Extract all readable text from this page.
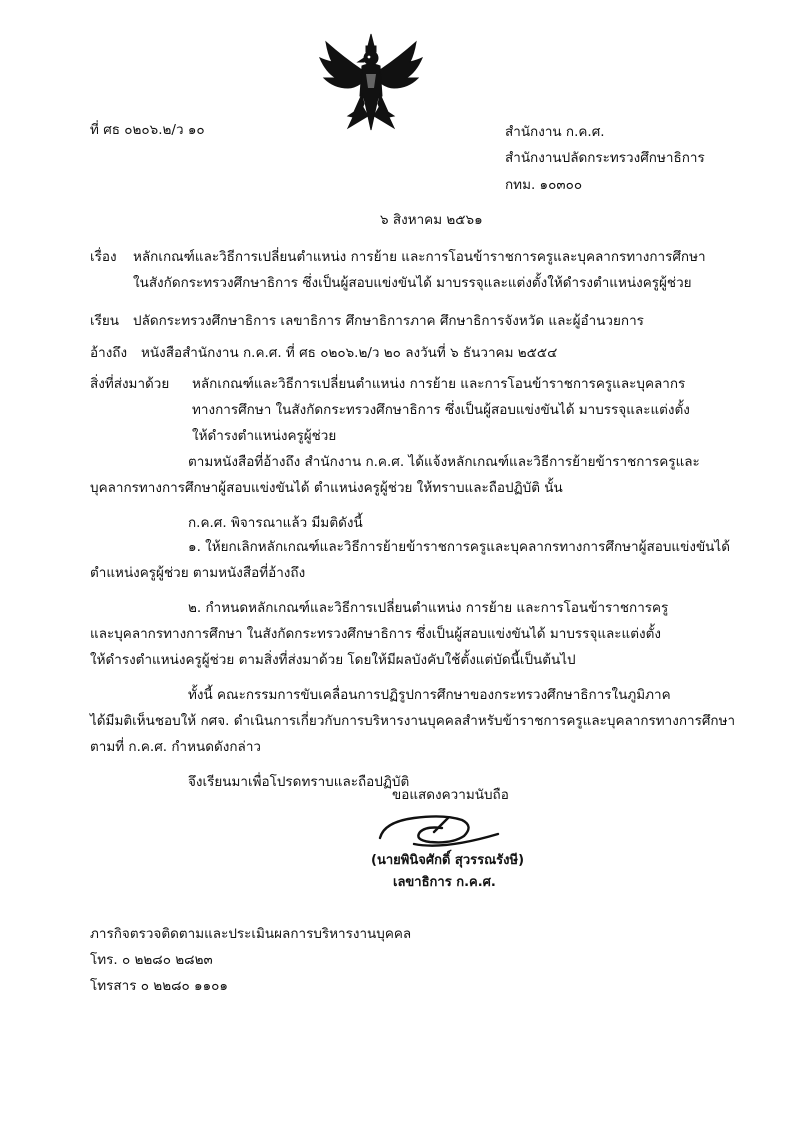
ที่ ศธ ๐๒๐๖.๒/ว ๑๐	สำนักงาน ก.ค.ศ.
สำนักงานปลัดกระทรวงศึกษาธิการ
กทม. ๑๐๓๐๐
๖ สิงหาคม ๒๕๖๑
เรื่อง หลักเกณฑ์และวิธีการเปลี่ยนตำแหน่ง การย้าย และการโอนข้าราชการครูและบุคลากรทางการศึกษา
ในสังกัดกระทรวงศึกษาธิการ ซึ่งเป็นผู้สอบแข่งขันได้ มาบรรจุและแต่งตั้งให้ดำรงตำแหน่งครูผู้ช่วย
เรียน ปลัดกระทรวงศึกษาธิการ เลขาธิการ ศึกษาธิการภาค ศึกษาธิการจังหวัด และผู้อำนวยการ
อ้างถึง หนังสือสำนักงาน ก.ค.ศ. ที่ ศธ ๐๒๐๖.๒/ว ๒๐ ลงวันที่ ๖ ธันวาคม ๒๕๕๔
สิ่งที่ส่งมาด้วย หลักเกณฑ์และวิธีการเปลี่ยนตำแหน่ง การย้าย และการโอนข้าราชการครูและบุคลากร
ทางการศึกษา ในสังกัดกระทรวงศึกษาธิการ ซึ่งเป็นผู้สอบแข่งขันได้ มาบรรจุและแต่งตั้ง
ให้ดำรงตำแหน่งครูผู้ช่วย
ตามหนังสือที่อ้างถึง สำนักงาน ก.ค.ศ. ได้แจ้งหลักเกณฑ์และวิธีการย้ายข้าราชการครูและ
บุคลากรทางการศึกษาผู้สอบแข่งขันได้ ตำแหน่งครูผู้ช่วย ให้ทราบและถือปฏิบัติ นั้น
ก.ค.ศ. พิจารณาแล้ว มีมติดังนี้
๑. ให้ยกเลิกหลักเกณฑ์และวิธีการย้ายข้าราชการครูและบุคลากรทางการศึกษาผู้สอบแข่งขันได้
ตำแหน่งครูผู้ช่วย ตามหนังสือที่อ้างถึง
๒. กำหนดหลักเกณฑ์และวิธีการเปลี่ยนตำแหน่ง การย้าย และการโอนข้าราชการครู
และบุคลากรทางการศึกษา ในสังกัดกระทรวงศึกษาธิการ ซึ่งเป็นผู้สอบแข่งขันได้ มาบรรจุและแต่งตั้ง
ให้ดำรงตำแหน่งครูผู้ช่วย ตามสิ่งที่ส่งมาด้วย โดยให้มีผลบังคับใช้ตั้งแต่บัดนี้เป็นต้นไป
ทั้งนี้ คณะกรรมการขับเคลื่อนการปฏิรูปการศึกษาของกระทรวงศึกษาธิการในภูมิภาค
ได้มีมติเห็นชอบให้ กศจ. ดำเนินการเกี่ยวกับการบริหารงานบุคคลสำหรับข้าราชการครูและบุคลากรทางการศึกษา
ตามที่ ก.ค.ศ. กำหนดดังกล่าว
จึงเรียนมาเพื่อโปรดทราบและถือปฏิบัติ
ขอแสดงความนับถือ
(นายพินิจศักดิ์ สุวรรณรังษี)
เลขาธิการ ก.ค.ศ.
ภารกิจตรวจติดตามและประเมินผลการบริหารงานบุคคล
โทร. ๐ ๒๒๘๐ ๒๘๒๓
โทรสาร ๐ ๒๒๘๐ ๑๑๐๑
